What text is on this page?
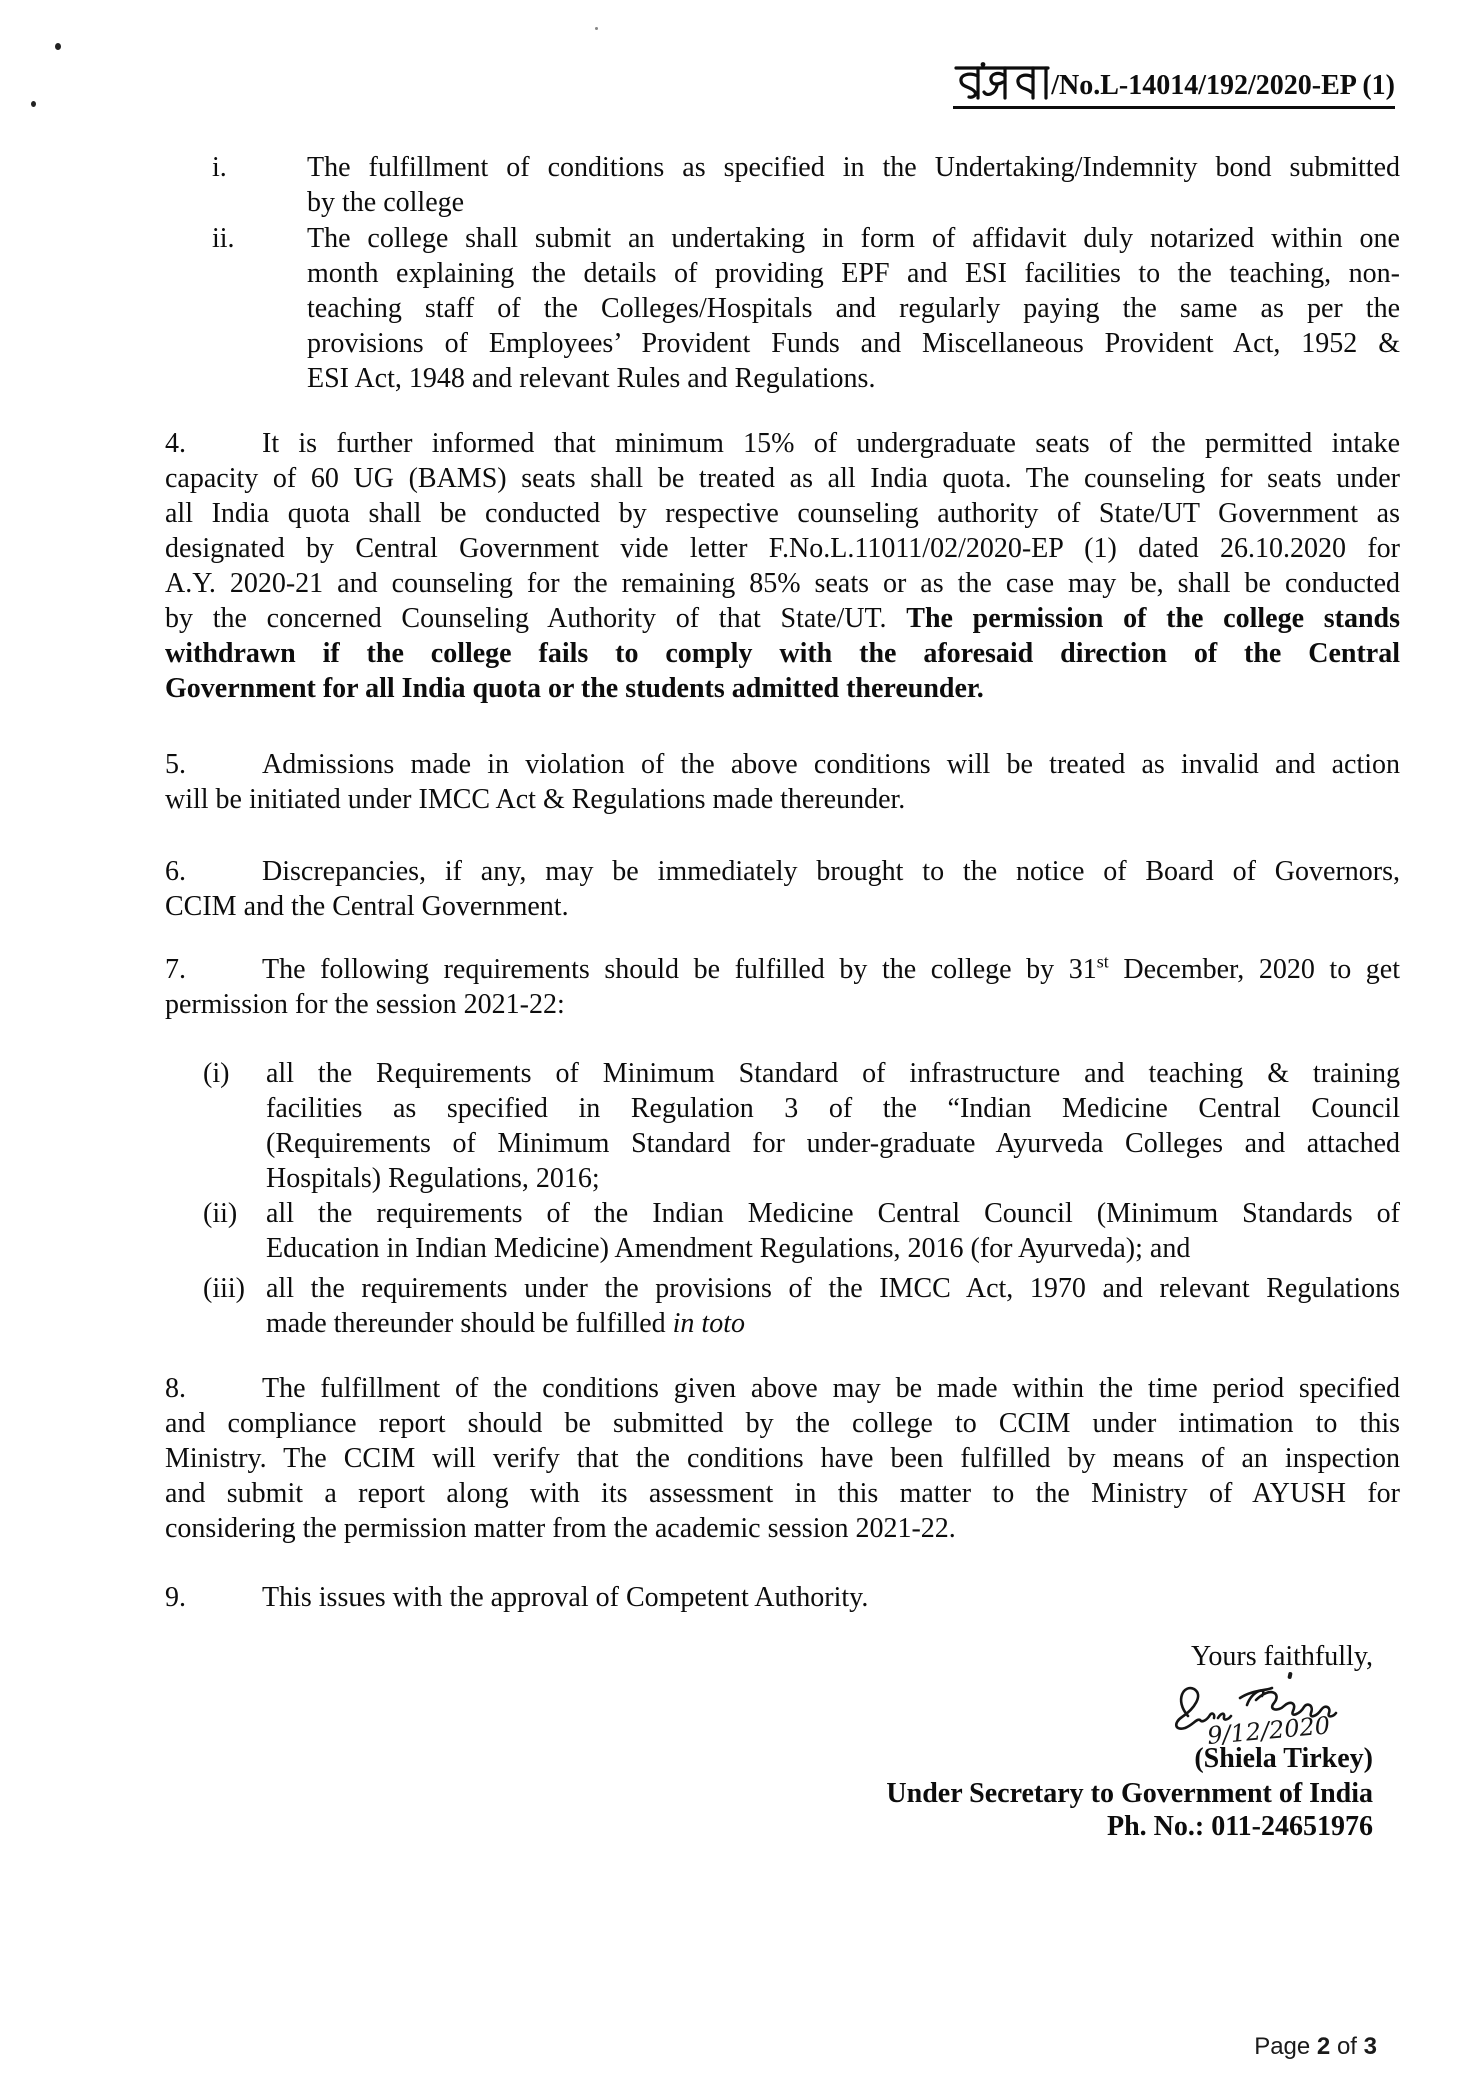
/No.L-14014/192/2020-EP (1)
i.	The fulfillment of conditions as specified in the Undertaking/Indemnity bond submitted
by the college
ii.	The college shall submit an undertaking in form of affidavit duly notarized within one
month explaining the details of providing EPF and ESI facilities to the teaching, non-
teaching staff of the Colleges/Hospitals and regularly paying the same as per the
provisions of Employees’ Provident Funds and Miscellaneous Provident Act, 1952 &
ESI Act, 1948 and relevant Rules and Regulations.
4.	It is further informed that minimum 15% of undergraduate seats of the permitted intake
capacity of 60 UG (BAMS) seats shall be treated as all India quota. The counseling for seats under
all India quota shall be conducted by respective counseling authority of State/UT Government as
designated by Central Government vide letter F.No.L.11011/02/2020-EP (1) dated 26.10.2020 for
A.Y. 2020-21 and counseling for the remaining 85% seats or as the case may be, shall be conducted
by the concerned Counseling Authority of that State/UT. The permission of the college stands
withdrawn if the college fails to comply with the aforesaid direction of the Central
Government for all India quota or the students admitted thereunder.
5.	Admissions made in violation of the above conditions will be treated as invalid and action
will be initiated under IMCC Act & Regulations made thereunder.
6.	Discrepancies, if any, may be immediately brought to the notice of Board of Governors,
CCIM and the Central Government.
7.	The following requirements should be fulfilled by the college by 31st December, 2020 to get
permission for the session 2021-22:
(i) all the Requirements of Minimum Standard of infrastructure and teaching & training
facilities as specified in Regulation 3 of the “Indian Medicine Central Council
(Requirements of Minimum Standard for under-graduate Ayurveda Colleges and attached
Hospitals) Regulations, 2016;
(ii) all the requirements of the Indian Medicine Central Council (Minimum Standards of
Education in Indian Medicine) Amendment Regulations, 2016 (for Ayurveda); and
(iii) all the requirements under the provisions of the IMCC Act, 1970 and relevant Regulations
made thereunder should be fulfilled in toto
8.	The fulfillment of the conditions given above may be made within the time period specified
and compliance report should be submitted by the college to CCIM under intimation to this
Ministry. The CCIM will verify that the conditions have been fulfilled by means of an inspection
and submit a report along with its assessment in this matter to the Ministry of AYUSH for
considering the permission matter from the academic session 2021-22.
9.	This issues with the approval of Competent Authority.
Yours faithfully,
9/12/2020
(Shiela Tirkey)
Under Secretary to Government of India
Ph. No.: 011-24651976
Page 2 of 3
